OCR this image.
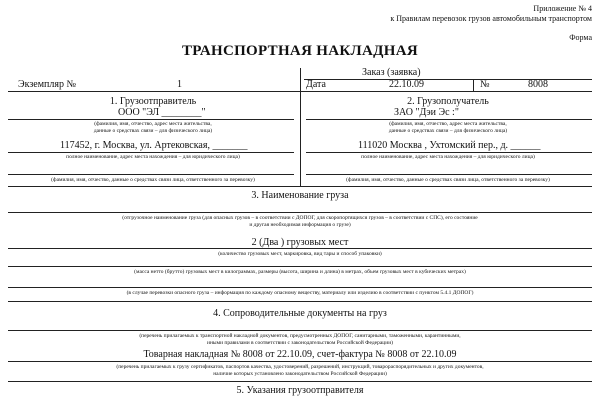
Приложение № 4
к Правилам перевозок грузов автомобильным транспортом
Форма
ТРАНСПОРТНАЯ НАКЛАДНАЯ
Заказ (заявка)
Экземпляр №	1	Дата	22.10.09	№	8008
1. Грузоотправитель
ООО "ЭЛ ________"
(фамилия, имя, отчество, адрес места жительства,
данные о средствах связи – для физического лица)
117452, г. Москва, ул. Артековская, _______
полное наименование, адрес места нахождения – для юридического лица)
(фамилия, имя, отчество, данные о средствах связи лица, ответственного за перевозку)
2. Грузополучатель
ЗАО "Дэи Эс :"
(фамилия, имя, отчество, адрес места жительства,
данные о средствах связи – для физического лица)
111020 Москва , Ухтомский пер., д. ______
полное наименование, адрес места нахождения – для юридического лица)
(фамилия, имя, отчество, данные о средствах связи лица, ответственного за перевозку)
3. Наименование груза
(отгрузочное наименование груза (для опасных грузов – в соответствии с ДОПОГ, для скоропортящихся грузов – в соответствии с СПС), его состояние
и другая необходимая информация о грузе)
2 (Два ) грузовых мест
(количество грузовых мест, маркировка, вид тары и способ упаковки)
(масса нетто (брутто) грузовых мест в килограммах, размеры (высота, ширина и длина) в метрах, объем грузовых мест в кубических метрах)
(в случае перевозки опасного груза – информация по каждому опасному веществу, материалу или изделию в соответствии с пунктом 5.4.1 ДОПОГ)
4. Сопроводительные документы на груз
(перечень прилагаемых к транспортной накладной документов, предусмотренных ДОПОГ, санитарными, таможенными, карантинными,
иными правилами в соответствии с законодательством Российской Федерации)
Товарная накладная № 8008 от 22.10.09, счет-фактура № 8008 от 22.10.09
(перечень прилагаемых к грузу сертификатов, паспортов качества, удостоверений, разрешений, инструкций, товарораспорядительных и других документов,
наличие которых установлено законодательством Российской Федерации)
5. Указания грузоотправителя
